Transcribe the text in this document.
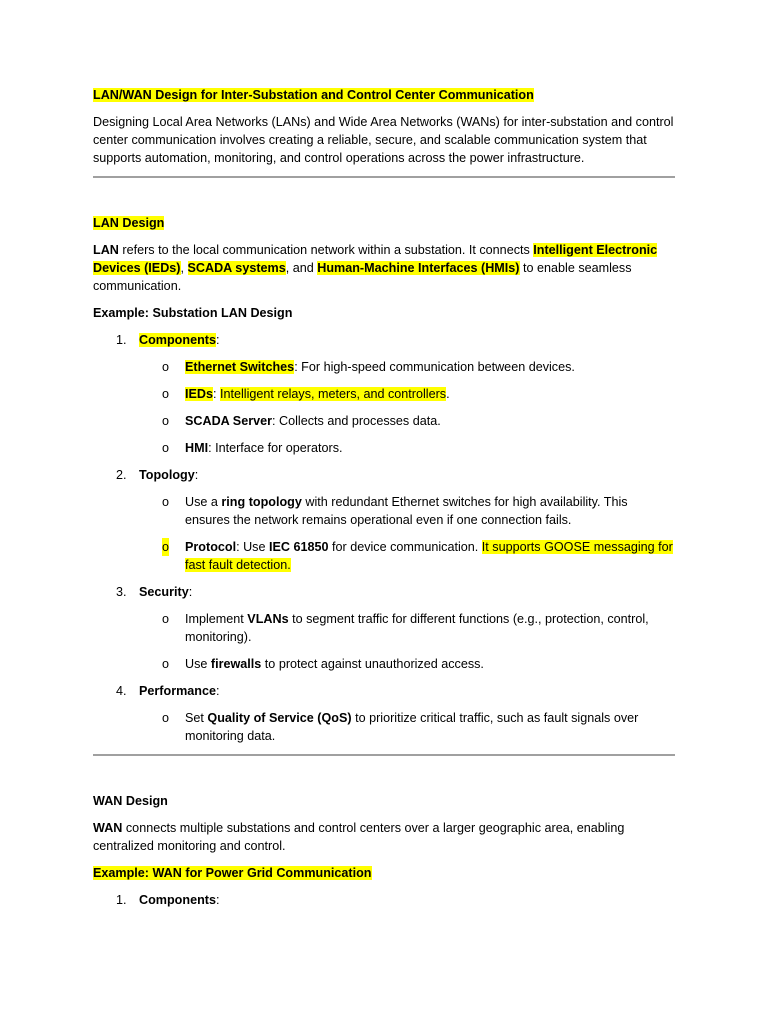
LAN/WAN Design for Inter-Substation and Control Center Communication

Designing Local Area Networks (LANs) and Wide Area Networks (WANs) for inter-substation and control center communication involves creating a reliable, secure, and scalable communication system that supports automation, monitoring, and control operations across the power infrastructure.

LAN Design

LAN refers to the local communication network within a substation. It connects Intelligent Electronic Devices (IEDs), SCADA systems, and Human-Machine Interfaces (HMIs) to enable seamless communication.

Example: Substation LAN Design

1. Components:
o Ethernet Switches: For high-speed communication between devices.
o IEDs: Intelligent relays, meters, and controllers.
o SCADA Server: Collects and processes data.
o HMI: Interface for operators.
2. Topology:
o Use a ring topology with redundant Ethernet switches for high availability. This ensures the network remains operational even if one connection fails.
o Protocol: Use IEC 61850 for device communication. It supports GOOSE messaging for fast fault detection.
3. Security:
o Implement VLANs to segment traffic for different functions (e.g., protection, control, monitoring).
o Use firewalls to protect against unauthorized access.
4. Performance:
o Set Quality of Service (QoS) to prioritize critical traffic, such as fault signals over monitoring data.

WAN Design

WAN connects multiple substations and control centers over a larger geographic area, enabling centralized monitoring and control.

Example: WAN for Power Grid Communication

1. Components:
